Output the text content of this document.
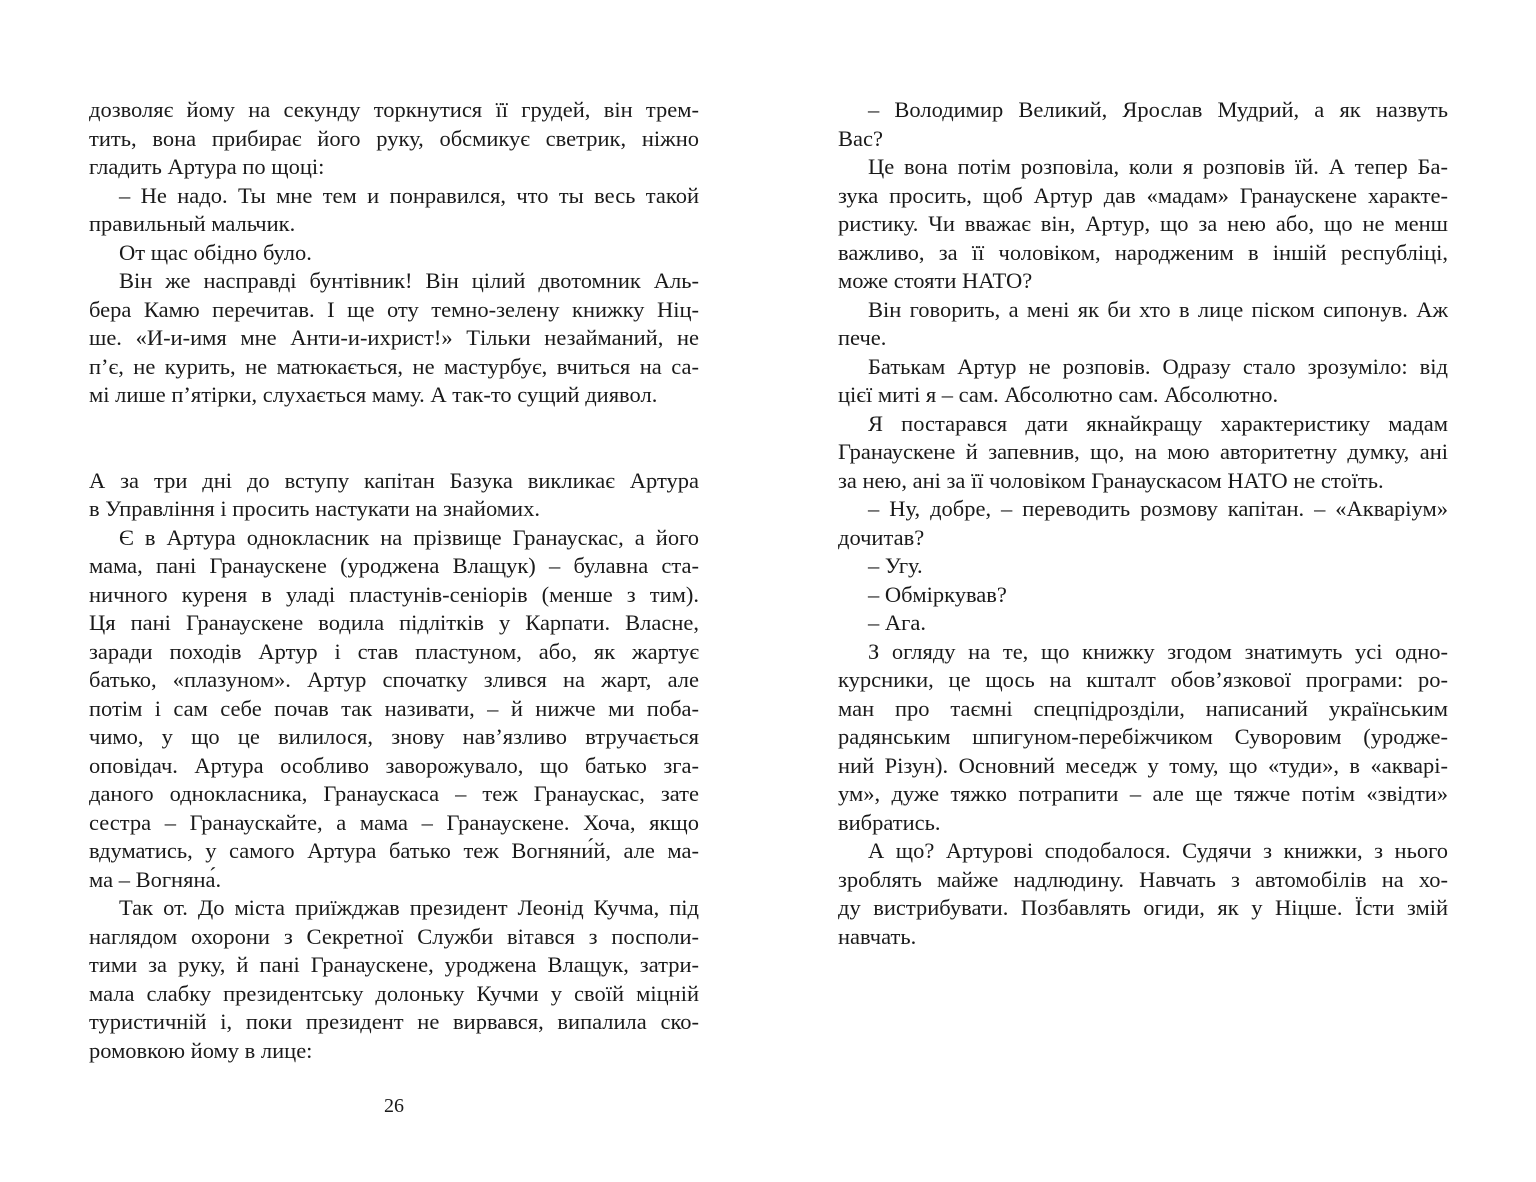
дозволяє йому на секунду торкнутися її грудей, він трем-
тить, вона прибирає його руку, обсмикує светрик, ніжно
гладить Артура по щоці:
– Не надо. Ты мне тем и понравился, что ты весь такой
правильный мальчик.
От щас обідно було.
Він же насправді бунтівник! Він цілий двотомник Аль-
бера Камю перечитав. І ще оту темно-зелену книжку Ніц-
ше. «И-и-имя мне Анти-и-ихрист!» Тільки незайманий, не
п’є, не курить, не матюкається, не мастурбує, вчиться на са-
мі лише п’ятірки, слухається маму. А так-то сущий диявол.
А за три дні до вступу капітан Базука викликає Артура
в Управління і просить настукати на знайомих.
Є в Артура однокласник на прізвище Гранаускас, а його
мама, пані Гранаускене (уроджена Влащук) – булавна ста-
ничного куреня в уладі пластунів-сеніорів (менше з тим).
Ця пані Гранаускене водила підлітків у Карпати. Власне,
заради походів Артур і став пластуном, або, як жартує
батько, «плазуном». Артур спочатку злився на жарт, але
потім і сам себе почав так називати, – й нижче ми поба-
чимо, у що це вилилося, знову нав’язливо втручається
оповідач. Артура особливо заворожувало, що батько зга-
даного однокласника, Гранаускаса – теж Гранаускас, зате
сестра – Гранаускайте, а мама – Гранаускене. Хоча, якщо
вдуматись, у самого Артура батько теж Вогняни́й, але ма-
ма – Вогняна́.
Так от. До міста приїжджав президент Леонід Кучма, під
наглядом охорони з Секретної Служби вітався з посполи-
тими за руку, й пані Гранаускене, уроджена Влащук, затри-
мала слабку президентську долоньку Кучми у своїй міцній
туристичній і, поки президент не вирвався, випалила ско-
ромовкою йому в лице:
26
– Володимир Великий, Ярослав Мудрий, а як назвуть
Вас?
Це вона потім розповіла, коли я розповів їй. А тепер Ба-
зука просить, щоб Артур дав «мадам» Гранаускене характе-
ристику. Чи вважає він, Артур, що за нею або, що не менш
важливо, за її чоловіком, народженим в іншій республіці,
може стояти НАТО?
Він говорить, а мені як би хто в лице піском сипонув. Аж
пече.
Батькам Артур не розповів. Одразу стало зрозуміло: від
цієї миті я – сам. Абсолютно сам. Абсолютно.
Я постарався дати якнайкращу характеристику мадам
Гранаускене й запевнив, що, на мою авторитетну думку, ані
за нею, ані за її чоловіком Гранаускасом НАТО не стоїть.
– Ну, добре, – переводить розмову капітан. – «Акваріум»
дочитав?
– Угу.
– Обміркував?
– Ага.
З огляду на те, що книжку згодом знатимуть усі одно-
курсники, це щось на кшталт обов’язкової програми: ро-
ман про таємні спецпідрозділи, написаний українським
радянським шпигуном-перебіжчиком Суворовим (уродже-
ний Різун). Основний меседж у тому, що «туди», в «акварі-
ум», дуже тяжко потрапити – але ще тяжче потім «звідти»
вибратись.
А що? Артурові сподобалося. Судячи з книжки, з нього
зроблять майже надлюдину. Навчать з автомобілів на хо-
ду вистрибувати. Позбавлять огиди, як у Ніцше. Їсти змій
навчать.
